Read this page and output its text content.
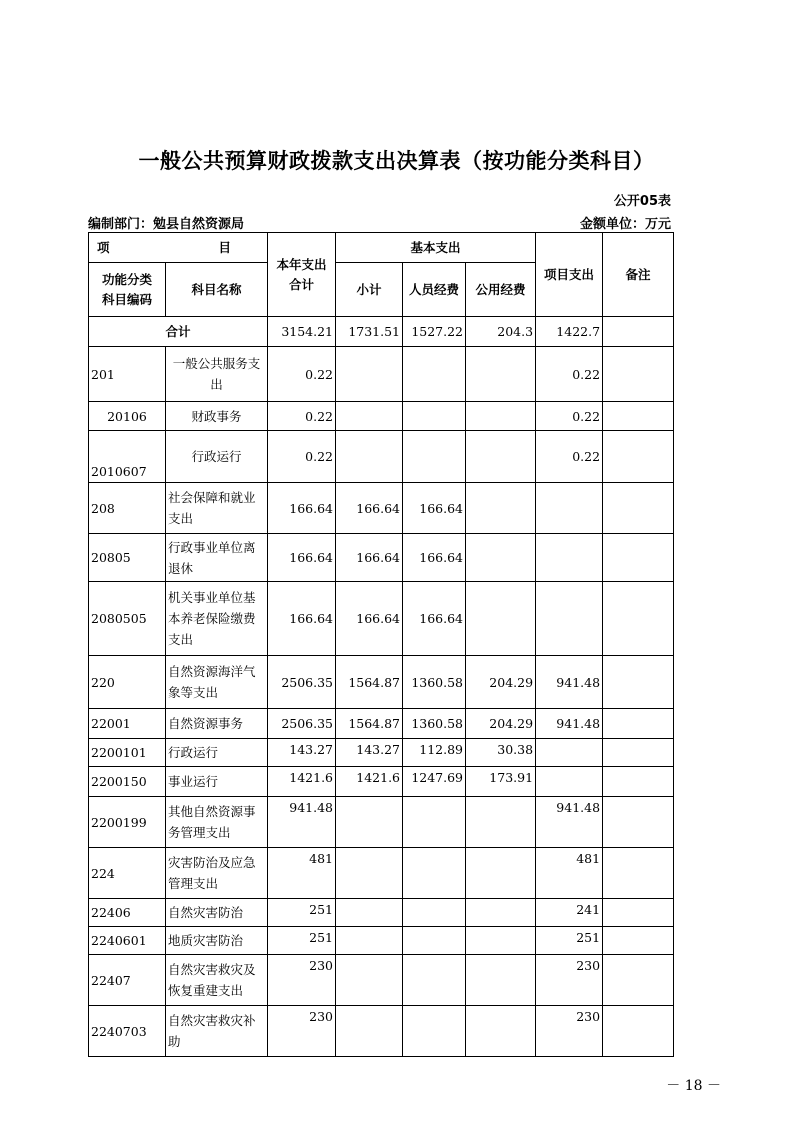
一般公共预算财政拨款支出决算表（按功能分类科目）
公开05表
编制部门：勉县自然资源局	金额单位：万元
项　　目		本年支出
合计	基本支出			项目支出	备注
功能分类
科目编码	科目名称		小计	人员经费	公用经费		
合计		3154.21	1731.51	1527.22	204.3	1422.7	
201	一般公共服务支出	0.22				0.22	
20106	财政事务	0.22				0.22	
2010607	行政运行	0.22				0.22	
208	社会保障和就业支出	166.64	166.64	166.64			
20805	行政事业单位离退休	166.64	166.64	166.64			
2080505	机关事业单位基本养老保险缴费支出	166.64	166.64	166.64			
220	自然资源海洋气象等支出	2506.35	1564.87	1360.58	204.29	941.48	
22001	自然资源事务	2506.35	1564.87	1360.58	204.29	941.48	
2200101	行政运行	143.27	143.27	112.89	30.38		
2200150	事业运行	1421.6	1421.6	1247.69	173.91		
2200199	其他自然资源事务管理支出	941.48				941.48	
224	灾害防治及应急管理支出	481				481	
22406	自然灾害防治	251				241	
2240601	地质灾害防治	251				251	
22407	自然灾害救灾及恢复重建支出	230				230	
2240703	自然灾害救灾补助	230				230	
－ 18 －
